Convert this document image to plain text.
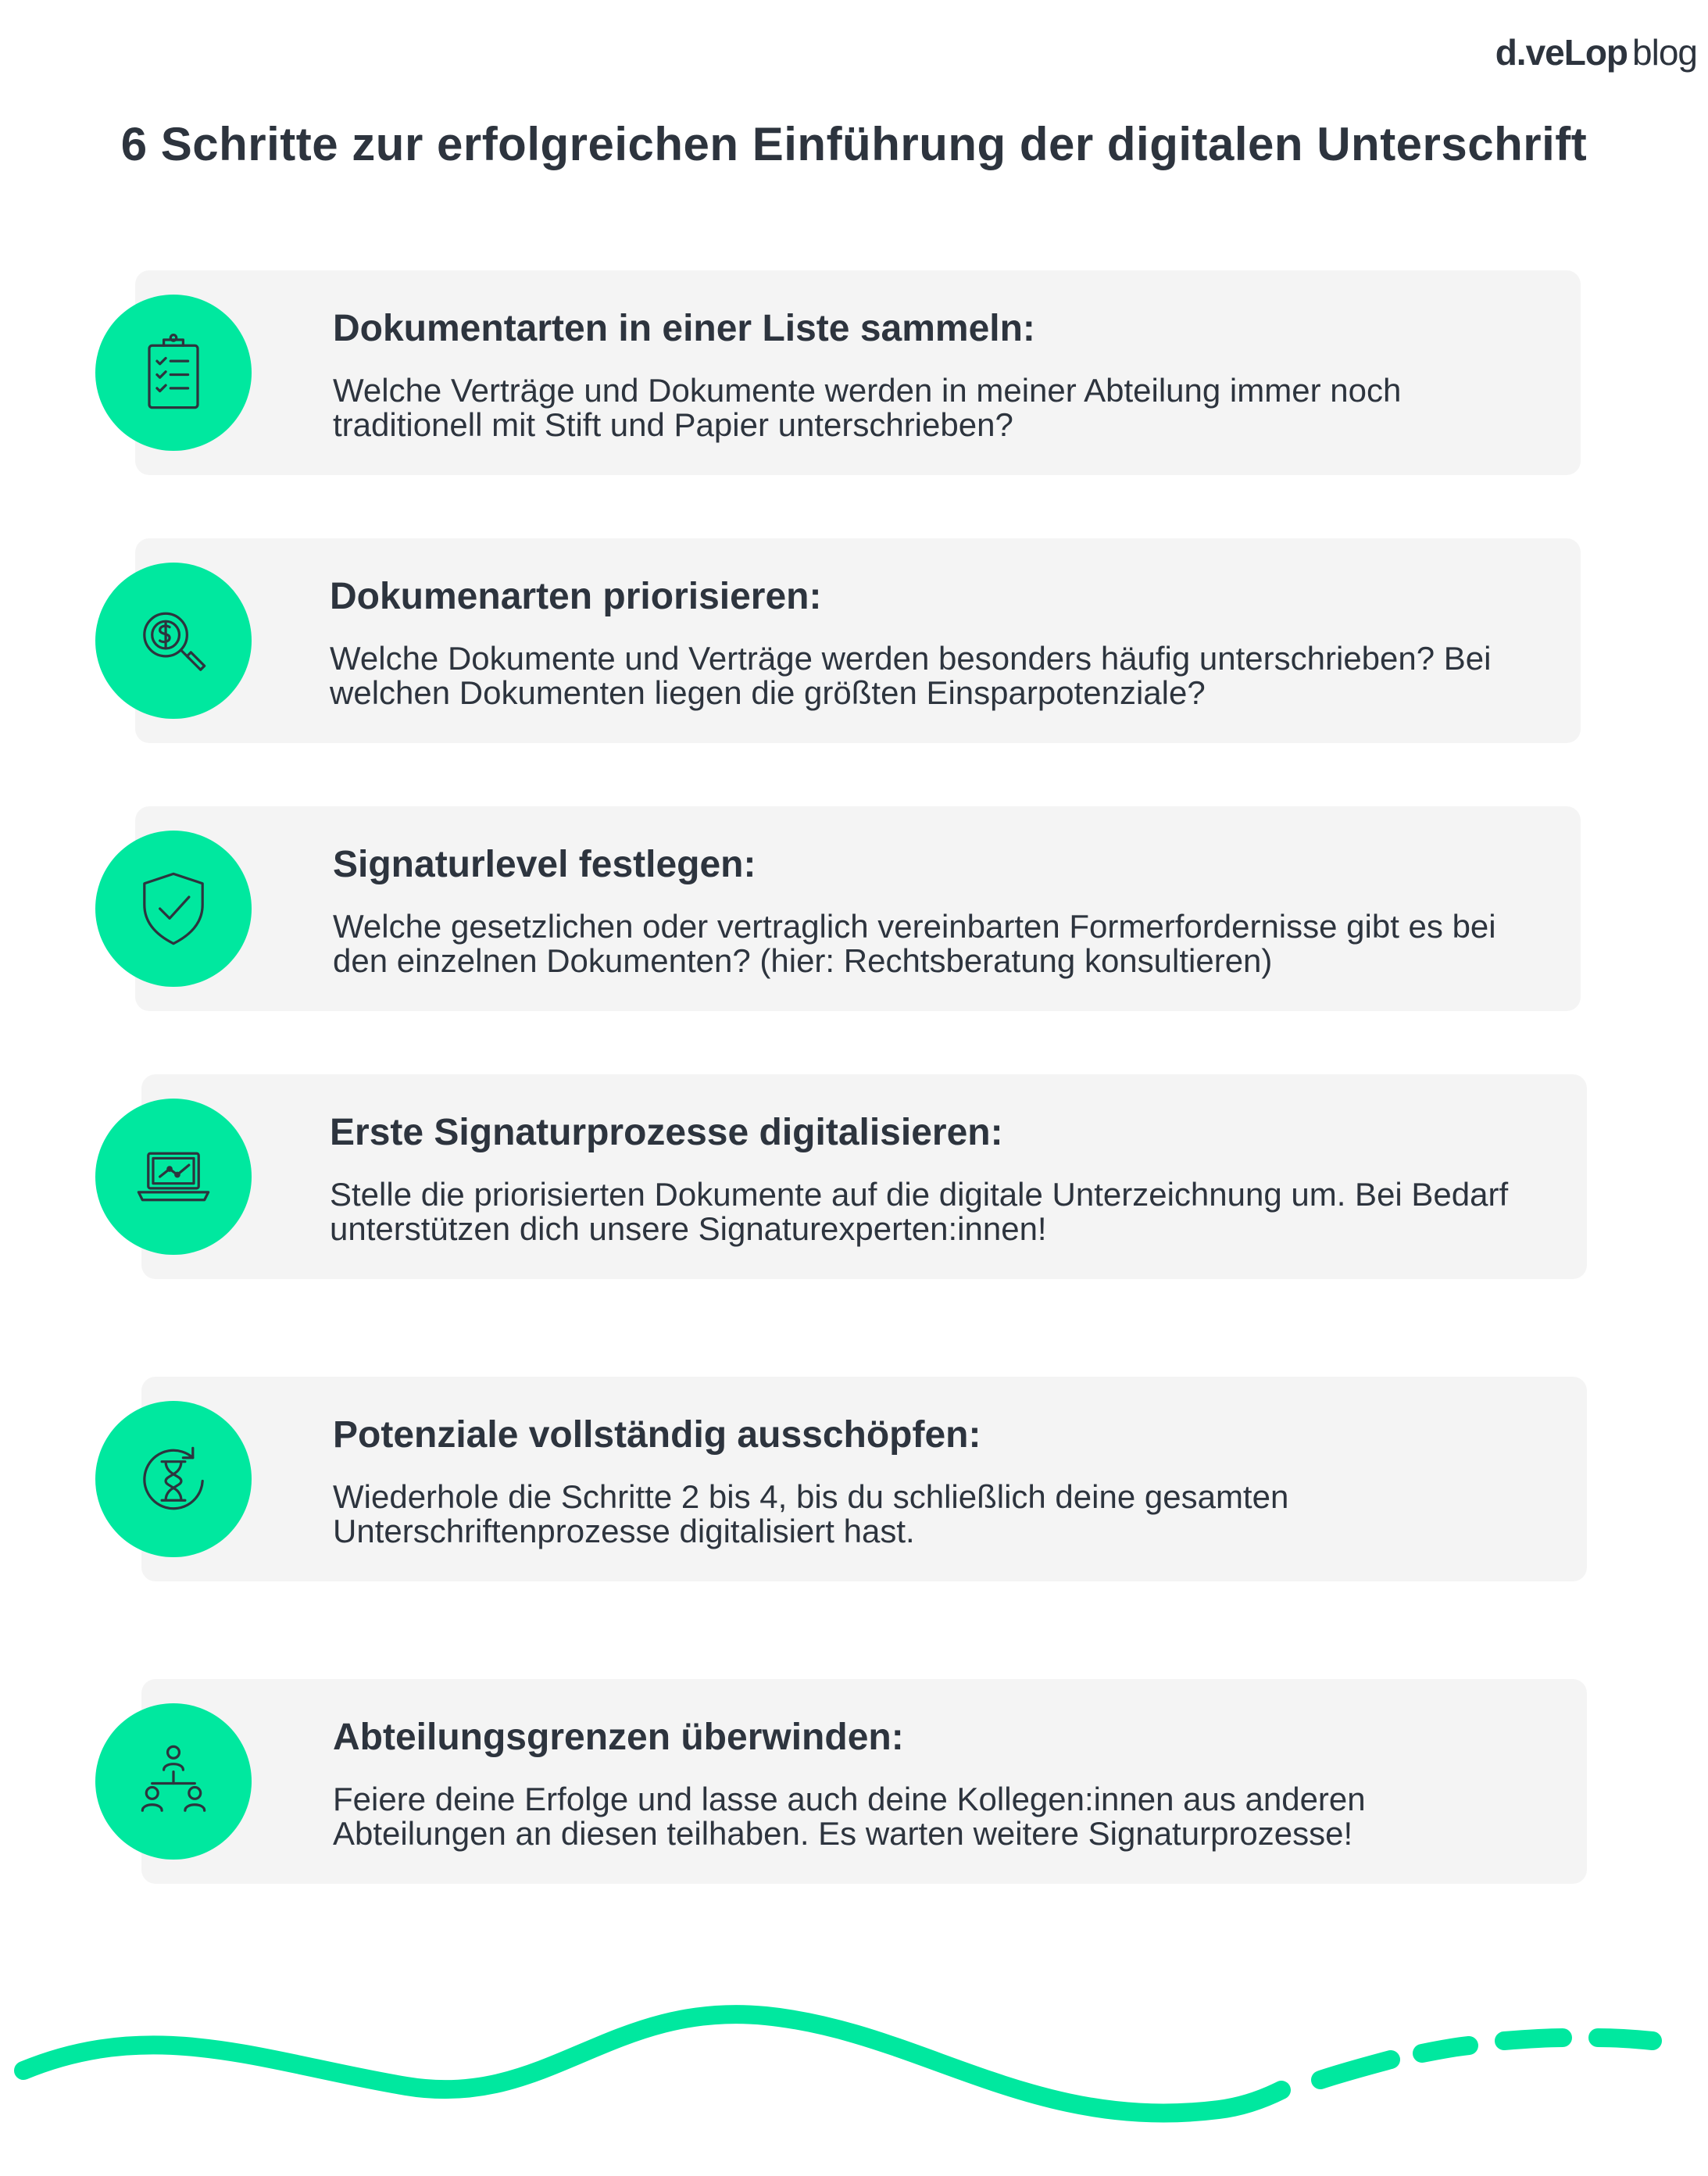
d.veLop blog
6 Schritte zur erfolgreichen Einführung der digitalen Unterschrift

Dokumentarten in einer Liste sammeln:

Welche Verträge und Dokumente werden in meiner Abteilung immer noch traditionell mit Stift und Papier unterschrieben?

Dokumenarten priorisieren:

Welche Dokumente und Verträge werden besonders häufig unterschrieben? Bei welchen Dokumenten liegen die größten Einsparpotenziale?

Signaturlevel festlegen:

Welche gesetzlichen oder vertraglich vereinbarten Formerfordernisse gibt es bei den einzelnen Dokumenten? (hier: Rechtsberatung konsultieren)

Erste Signaturprozesse digitalisieren:

Stelle die priorisierten Dokumente auf die digitale Unterzeichnung um. Bei Bedarf unterstützen dich unsere Signaturexperten:innen!

Potenziale vollständig ausschöpfen:

Wiederhole die Schritte 2 bis 4, bis du schließlich deine gesamten Unterschriftenprozesse digitalisiert hast.

Abteilungsgrenzen überwinden:

Feiere deine Erfolge und lasse auch deine Kollegen:innen aus anderen Abteilungen an diesen teilhaben. Es warten weitere Signaturprozesse!
